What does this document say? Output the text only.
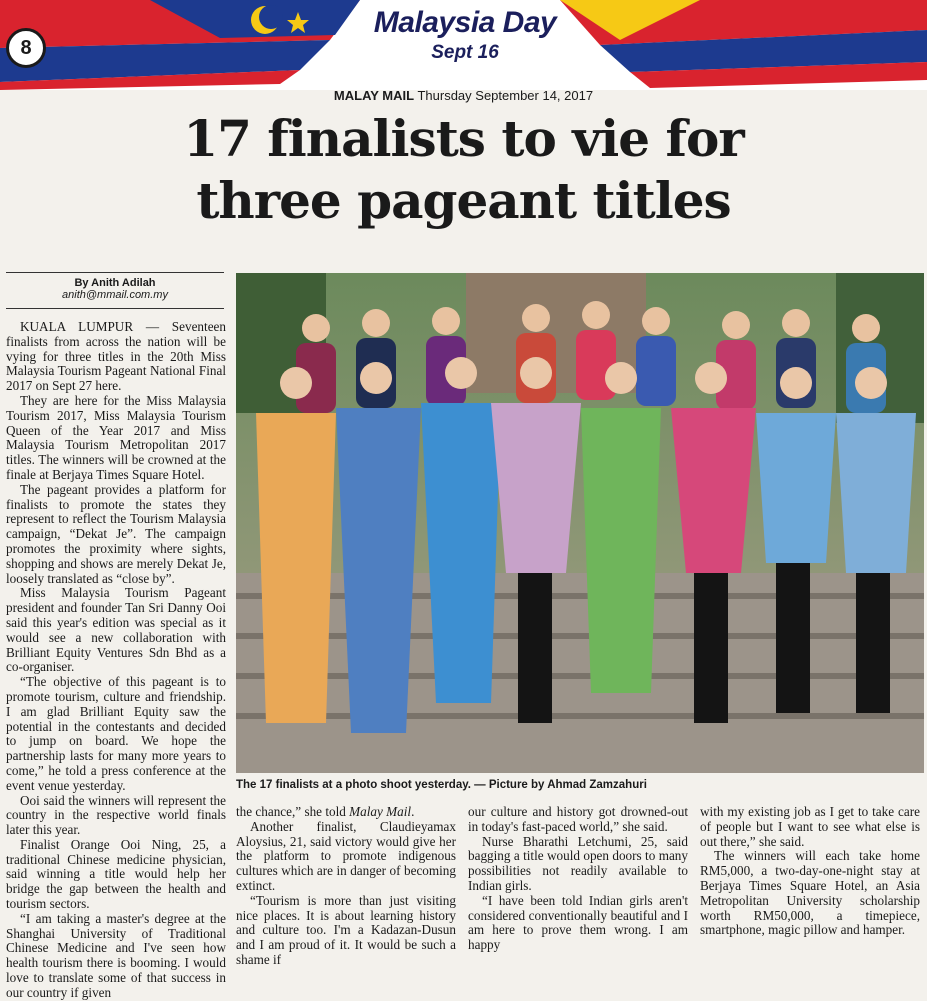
8
Malaysia Day
Sept 16
MALAY MAIL Thursday September 14, 2017
17 finalists to vie for
three pageant titles
By Anith Adilah
anith@mmail.com.my

KUALA LUMPUR — Seventeen finalists from across the nation will be vying for three titles in the 20th Miss Malaysia Tourism Pageant National Final 2017 on Sept 27 here.

They are here for the Miss Malaysia Tourism 2017, Miss Malaysia Tourism Queen of the Year 2017 and Miss Malaysia Tourism Metropolitan 2017 titles. The winners will be crowned at the finale at Berjaya Times Square Hotel.

The pageant provides a platform for finalists to promote the states they represent to reflect the Tourism Malaysia campaign, “Dekat Je”. The campaign promotes the proximity where sights, shopping and shows are merely Dekat Je, loosely translated as “close by”.

Miss Malaysia Tourism Pageant president and founder Tan Sri Danny Ooi said this year's edition was special as it would see a new collaboration with Brilliant Equity Ventures Sdn Bhd as a co-organiser.

“The objective of this pageant is to promote tourism, culture and friendship. I am glad Brilliant Equity saw the potential in the contestants and decided to jump on board. We hope the partnership lasts for many more years to come,” he told a press conference at the event venue yesterday.

Ooi said the winners will represent the country in the respective world finals later this year.

Finalist Orange Ooi Ning, 25, a traditional Chinese medicine physician, said winning a title would help her bridge the gap between the health and tourism sectors.

“I am taking a master's degree at the Shanghai University of Traditional Chinese Medicine and I've seen how health tourism there is booming. I would love to translate some of that success in our country if given

The 17 finalists at a photo shoot yesterday. — Picture by Ahmad Zamzahuri

the chance,” she told Malay Mail.

Another finalist, Claudieyamax Aloysius, 21, said victory would give her the platform to promote indigenous cultures which are in danger of becoming extinct.

“Tourism is more than just visiting nice places. It is about learning history and culture too. I'm a Kadazan-Dusun and I am proud of it. It would be such a shame if

our culture and history got drowned-out in today's fast-paced world,” she said.

Nurse Bharathi Letchumi, 25, said bagging a title would open doors to many possibilities not readily available to Indian girls.

“I have been told Indian girls aren't considered conventionally beautiful and I am here to prove them wrong. I am happy

with my existing job as I get to take care of people but I want to see what else is out there,” she said.

The winners will each take home RM5,000, a two-day-one-night stay at Berjaya Times Square Hotel, an Asia Metropolitan University scholarship worth RM50,000, a timepiece, smartphone, magic pillow and hamper.
